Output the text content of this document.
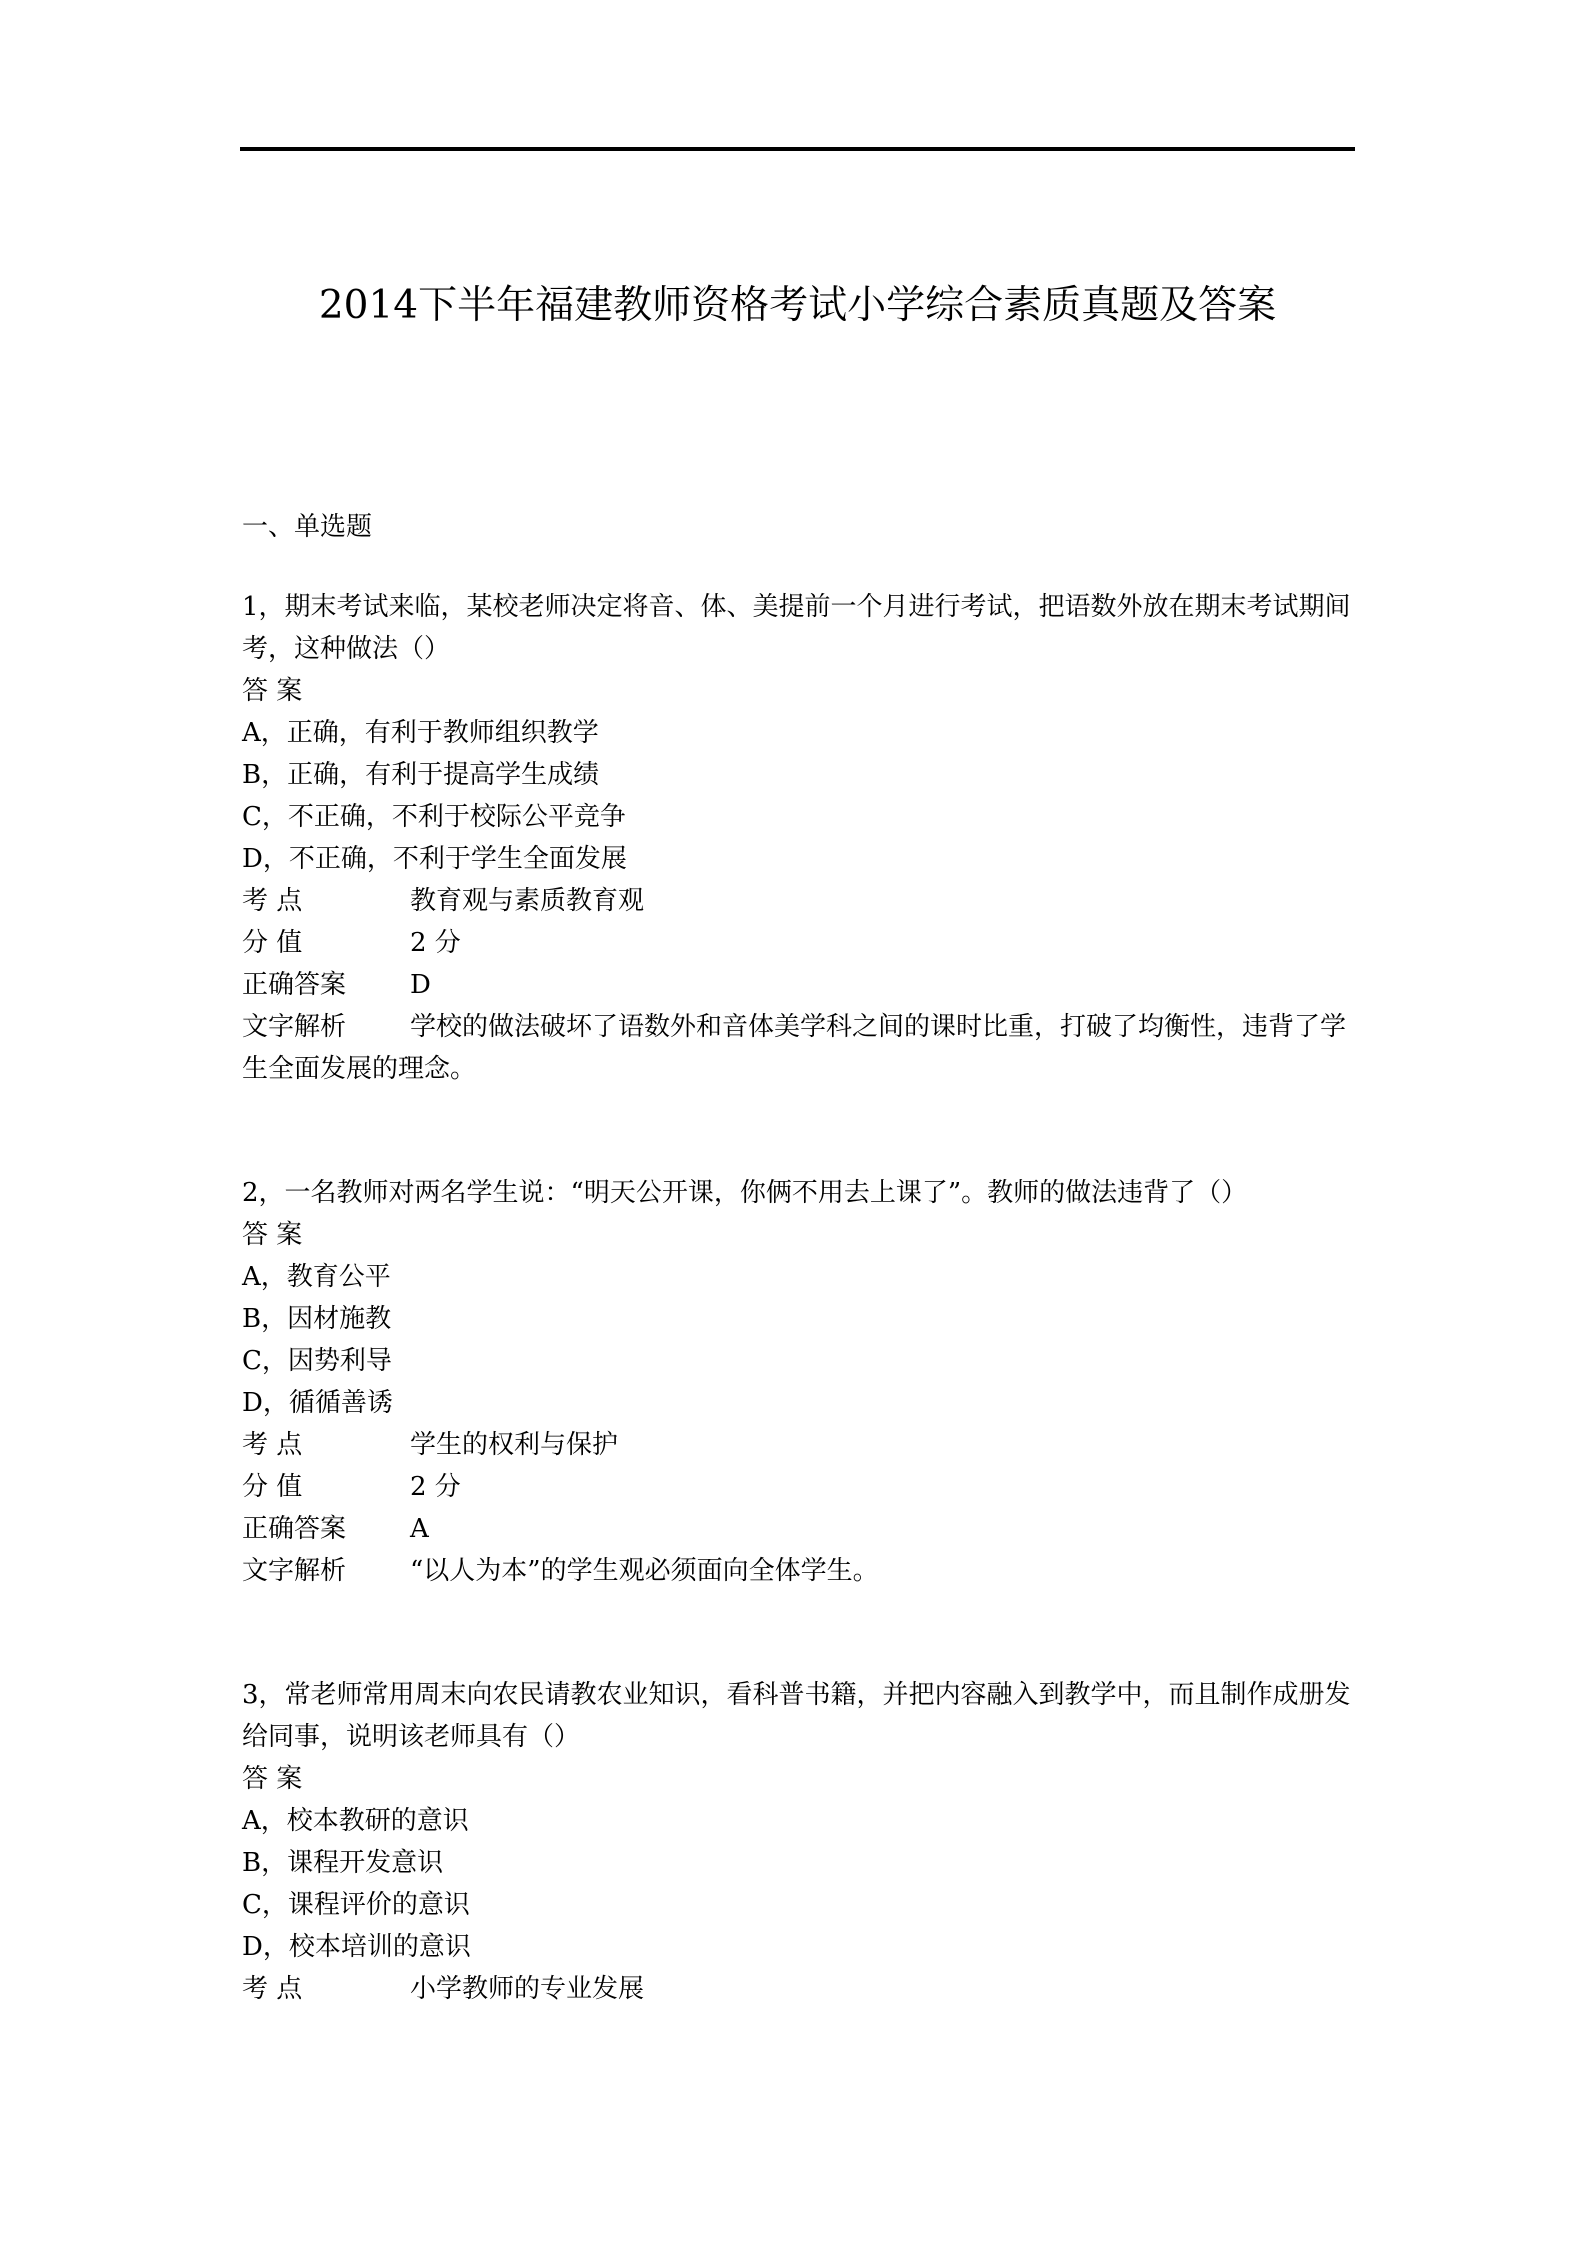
2014下半年福建教师资格考试小学综合素质真题及答案

一、单选题

1，期末考试来临，某校老师决定将音、体、美提前一个月进行考试，把语数外放在期末考试期间考，这种做法（）

答 案
A，正确，有利于教师组织教学
B，正确，有利于提高学生成绩
C，不正确，不利于校际公平竞争
D，不正确，不利于学生全面发展
考 点	教育观与素质教育观
分 值	2 分
正确答案 D

文字解析 学校的做法破坏了语数外和音体美学科之间的课时比重，打破了均衡性，违背了学生全面发展的理念。

2，一名教师对两名学生说：“明天公开课，你俩不用去上课了”。教师的做法违背了（）

答 案
A，教育公平
B，因材施教
C，因势利导
D，循循善诱
考 点	学生的权利与保护
分 值	2 分
正确答案 A

文字解析 “以人为本”的学生观必须面向全体学生。

3，常老师常用周末向农民请教农业知识，看科普书籍，并把内容融入到教学中，而且制作成册发给同事，说明该老师具有（）

答 案
A，校本教研的意识
B，课程开发意识
C，课程评价的意识
D，校本培训的意识
考 点	小学教师的专业发展
